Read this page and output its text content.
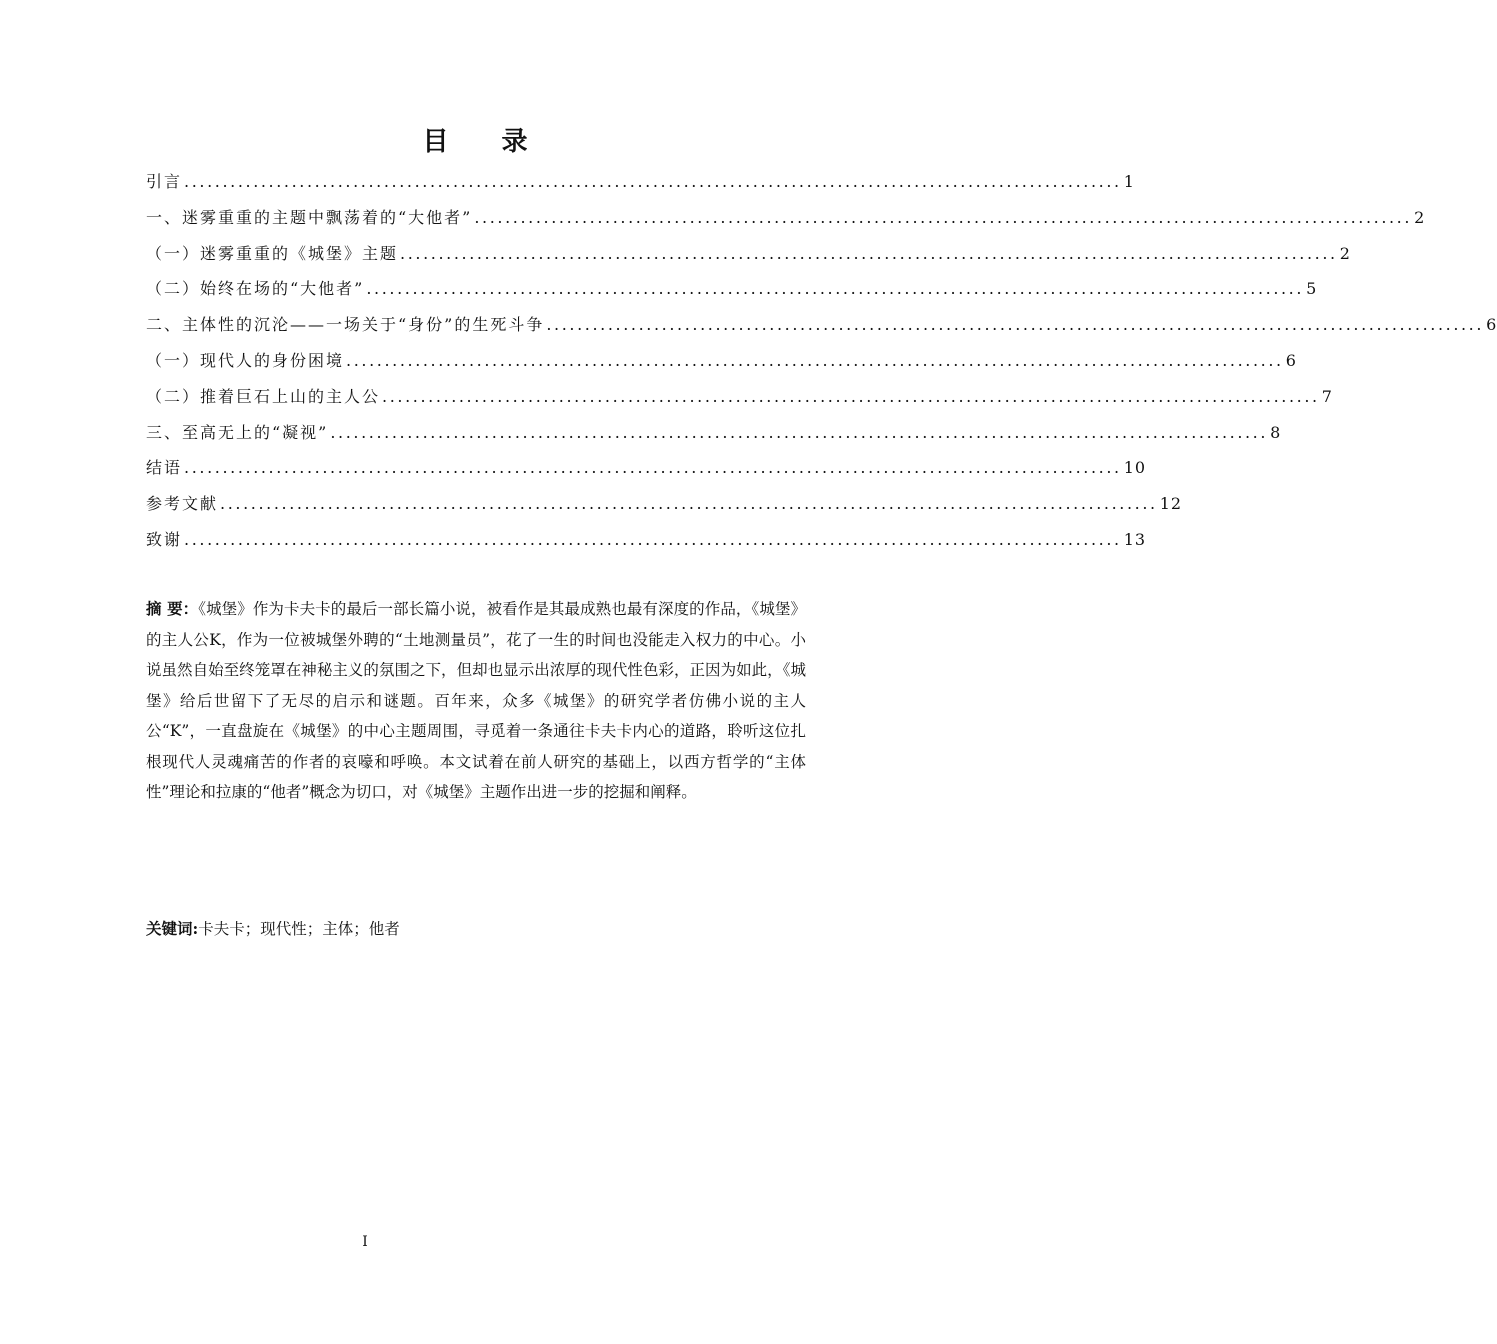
目 录
引言 .......................................................................................................................... 1
一、迷雾重重的主题中飘荡着的“大他者” .......................................................................................................................... 2
（一）迷雾重重的《城堡》主题 .......................................................................................................................... 2
（二）始终在场的“大他者” .......................................................................................................................... 5
二、主体性的沉沦——一场关于“身份”的生死斗争 .......................................................................................................................... 6
（一）现代人的身份困境 .......................................................................................................................... 6
（二）推着巨石上山的主人公 .......................................................................................................................... 7
三、至高无上的“凝视” .......................................................................................................................... 8
结语 .......................................................................................................................... 10
参考文献 .......................................................................................................................... 12
致谢 .......................................................................................................................... 13

摘 要：《城堡》作为卡夫卡的最后一部长篇小说，被看作是其最成熟也最有深度的作品，《城堡》的主人公K，作为一位被城堡外聘的“土地测量员”，花了一生的时间也没能走入权力的中心。小说虽然自始至终笼罩在神秘主义的氛围之下，但却也显示出浓厚的现代性色彩，正因为如此，《城堡》给后世留下了无尽的启示和谜题。百年来，众多《城堡》的研究学者仿佛小说的主人公“K”，一直盘旋在《城堡》的中心主题周围，寻觅着一条通往卡夫卡内心的道路，聆听这位扎根现代人灵魂痛苦的作者的哀嚎和呼唤。本文试着在前人研究的基础上，以西方哲学的“主体性”理论和拉康的“他者”概念为切口，对《城堡》主题作出进一步的挖掘和阐释。

关键词:卡夫卡；现代性；主体；他者

I
